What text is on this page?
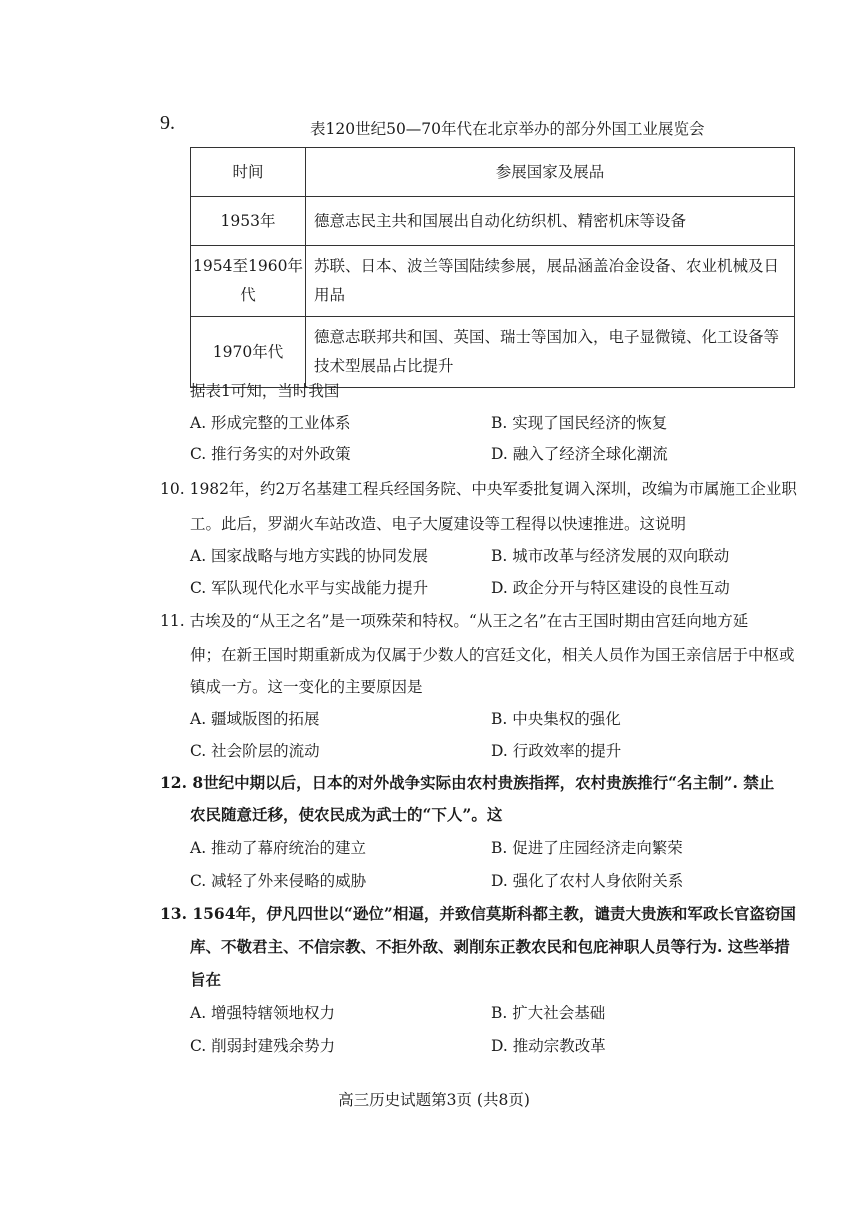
9.	表120世纪50—70年代在北京举办的部分外国工业展览会
时间	参展国家及展品
1953年	德意志民主共和国展出自动化纺织机、精密机床等设备
1954至1960年代	苏联、日本、波兰等国陆续参展，展品涵盖冶金设备、农业机械及日用品
1970年代	德意志联邦共和国、英国、瑞士等国加入，电子显微镜、化工设备等技术型展品占比提升
据表1可知，当时我国
A. 形成完整的工业体系	B. 实现了国民经济的恢复
C. 推行务实的对外政策	D. 融入了经济全球化潮流
10. 1982年，约2万名基建工程兵经国务院、中央军委批复调入深圳，改编为市属施工企业职
工。此后，罗湖火车站改造、电子大厦建设等工程得以快速推进。这说明
A. 国家战略与地方实践的协同发展	B. 城市改革与经济发展的双向联动
C. 军队现代化水平与实战能力提升	D. 政企分开与特区建设的良性互动
11. 古埃及的“从王之名”是一项殊荣和特权。“从王之名”在古王国时期由宫廷向地方延
伸；在新王国时期重新成为仅属于少数人的宫廷文化，相关人员作为国王亲信居于中枢或
镇成一方。这一变化的主要原因是
A. 疆域版图的拓展	B. 中央集权的强化
C. 社会阶层的流动	D. 行政效率的提升
12. 8世纪中期以后，日本的对外战争实际由农村贵族指挥，农村贵族推行“名主制”. 禁止
农民随意迁移，使农民成为武士的“下人”。这
A. 推动了幕府统治的建立	B. 促进了庄园经济走向繁荣
C. 减轻了外来侵略的威胁	D. 强化了农村人身依附关系
13. 1564年，伊凡四世以“逊位”相逼，并致信莫斯科都主教，谴责大贵族和军政长官盗窃国
库、不敬君主、不信宗教、不拒外敌、剥削东正教农民和包庇神职人员等行为. 这些举措
旨在
A. 增强特辖领地权力	B. 扩大社会基础
C. 削弱封建残余势力	D. 推动宗教改革
高三历史试题第3页 (共8页)
